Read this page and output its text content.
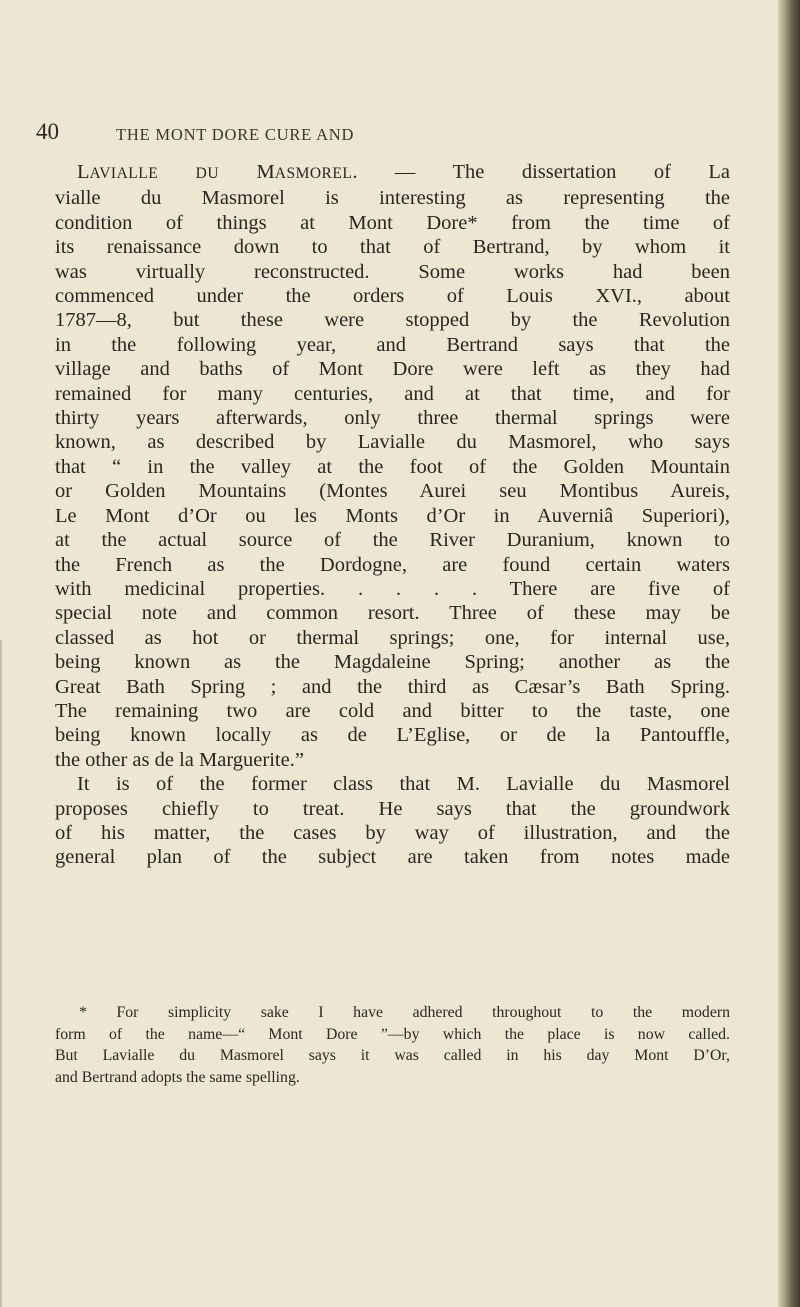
40	THE MONT DORE CURE AND
LAVIALLE DU MASMOREL. — The dissertation of La
vialle du Masmorel is interesting as representing the
condition of things at Mont Dore* from the time of
its renaissance down to that of Bertrand, by whom it
was virtually reconstructed. Some works had been
commenced under the orders of Louis XVI., about
1787—8, but these were stopped by the Revolution
in the following year, and Bertrand says that the
village and baths of Mont Dore were left as they had
remained for many centuries, and at that time, and for
thirty years afterwards, only three thermal springs were
known, as described by Lavialle du Masmorel, who says
that “ in the valley at the foot of the Golden Mountain
or Golden Mountains (Montes Aurei seu Montibus Aureis,
Le Mont d’Or ou les Monts d’Or in Auverniâ Superiori),
at the actual source of the River Duranium, known to
the French as the Dordogne, are found certain waters
with medicinal properties. . . . . There are five of
special note and common resort. Three of these may be
classed as hot or thermal springs; one, for internal use,
being known as the Magdaleine Spring; another as the
Great Bath Spring ; and the third as Cæsar’s Bath Spring.
The remaining two are cold and bitter to the taste, one
being known locally as de L’Eglise, or de la Pantouffle,
the other as de la Marguerite.”
It is of the former class that M. Lavialle du Masmorel
proposes chiefly to treat. He says that the groundwork
of his matter, the cases by way of illustration, and the
general plan of the subject are taken from notes made
* For simplicity sake I have adhered throughout to the modern
form of the name—“ Mont Dore ”—by which the place is now called.
But Lavialle du Masmorel says it was called in his day Mont D’Or,
and Bertrand adopts the same spelling.
